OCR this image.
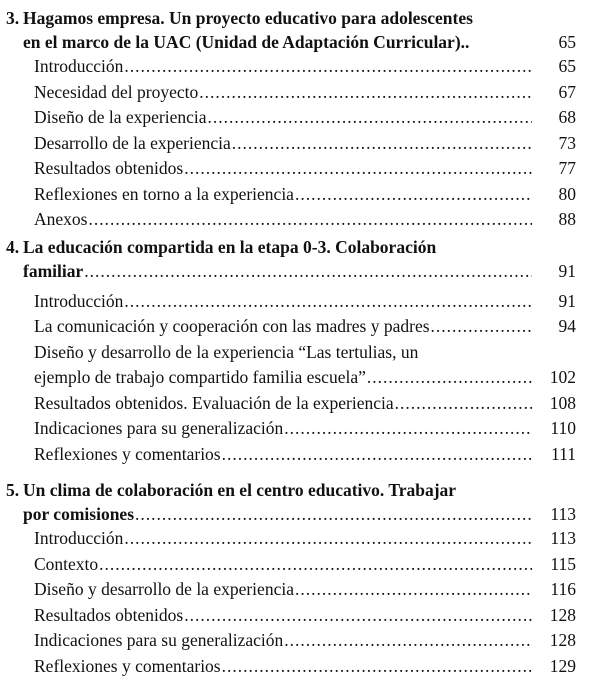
3. Hagamos empresa. Un proyecto educativo para adolescentes
en el marco de la UAC (Unidad de Adaptación Curricular)..	65
Introducción .....	65
Necesidad del proyecto .....	67
Diseño de la experiencia .....	68
Desarrollo de la experiencia .....	73
Resultados obtenidos .....	77
Reflexiones en torno a la experiencia .....	80
Anexos .....	88
4. La educación compartida en la etapa 0-3. Colaboración
familiar .....	91
Introducción .....	91
La comunicación y cooperación con las madres y padres .....	94
Diseño y desarrollo de la experiencia “Las tertulias, un
ejemplo de trabajo compartido familia escuela” .....	102
Resultados obtenidos. Evaluación de la experiencia .....	108
Indicaciones para su generalización .....	110
Reflexiones y comentarios .....	111
5. Un clima de colaboración en el centro educativo. Trabajar
por comisiones .....	113
Introducción .....	113
Contexto .....	115
Diseño y desarrollo de la experiencia .....	116
Resultados obtenidos .....	128
Indicaciones para su generalización .....	128
Reflexiones y comentarios .....	129
